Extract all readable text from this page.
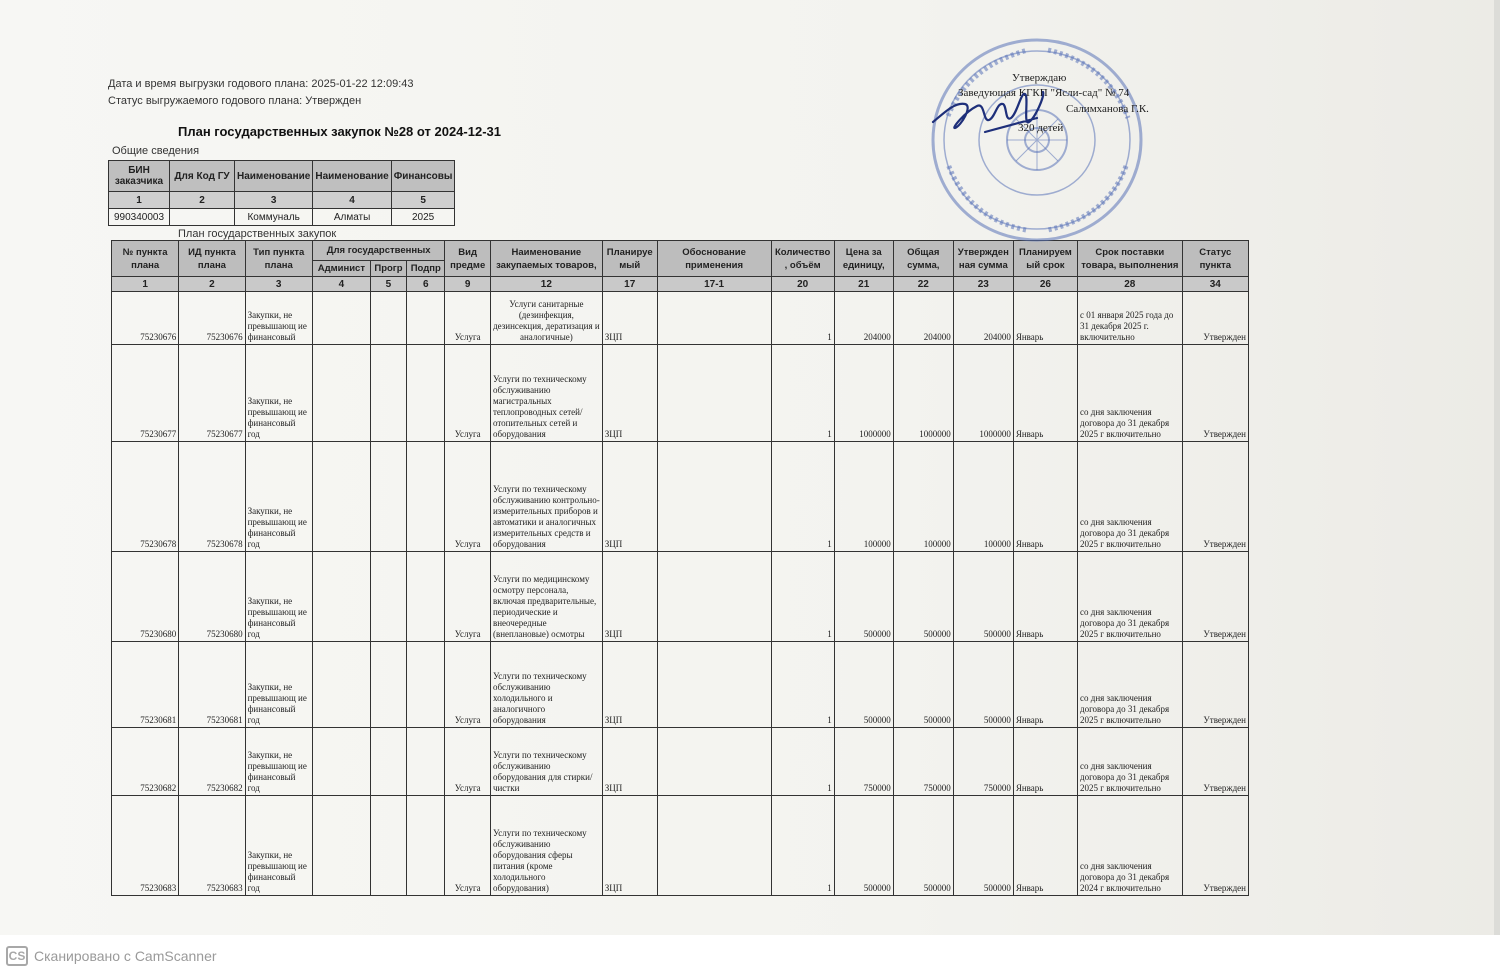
Дата и время выгрузки годового плана: 2025-01-22 12:09:43
Статус выгружаемого годового плана: Утвержден
План государственных закупок №28 от 2024-12-31
Общие сведения
БИН заказчика	Для Код ГУ	Наименование	Наименование	Финансовы
1	2	3	4	5
990340003		Коммуналь	Алматы	2025
План государственных закупок
№ пункта плана	ИД пункта плана	Тип пункта плана	Для государственных			Вид предме	Наименование закупаемых товаров,	Планируе мый	Обоснование применения	Количество , объём	Цена за единицу,	Общая сумма,	Утвержден ная сумма	Планируем ый срок	Срок поставки товара, выполнения	Статус пункта
			Админист	Прогр	Подпр											
1	2	3	4	5	6	9	12	17	17-1	20	21	22	23	26	28	34
75230676	75230676	Закупки, не превышающ ие финансовый				Услуга	Услуги санитарные (дезинфекция, дезинсекция, дератизация и аналогичные)	ЗЦП		1	204000	204000	204000	Январь	с 01 января 2025 года до 31 декабря 2025 г. включительно	Утвержден
75230677	75230677	Закупки, не превышающ ие финансовый год				Услуга	Услуги по техническому обслуживанию магистральных теплопроводных сетей/отопительных сетей и оборудования	ЗЦП		1	1000000	1000000	1000000	Январь	со дня заключения договора до 31 декабря 2025 г включительно	Утвержден
75230678	75230678	Закупки, не превышающ ие финансовый год				Услуга	Услуги по техническому обслуживанию контрольно-измерительных приборов и автоматики и аналогичных измерительных средств и оборудования	ЗЦП		1	100000	100000	100000	Январь	со дня заключения договора до 31 декабря 2025 г включительно	Утвержден
75230680	75230680	Закупки, не превышающ ие финансовый год				Услуга	Услуги по медицинскому осмотру персонала, включая предварительные, периодические и внеочередные (внеплановые) осмотры	ЗЦП		1	500000	500000	500000	Январь	со дня заключения договора до 31 декабря 2025 г включительно	Утвержден
75230681	75230681	Закупки, не превышающ ие финансовый год				Услуга	Услуги по техническому обслуживанию холодильного и аналогичного оборудования	ЗЦП		1	500000	500000	500000	Январь	со дня заключения договора до 31 декабря 2025 г включительно	Утвержден
75230682	75230682	Закупки, не превышающ ие финансовый год				Услуга	Услуги по техническому обслуживанию оборудования для стирки/чистки	ЗЦП		1	750000	750000	750000	Январь	со дня заключения договора до 31 декабря 2025 г включительно	Утвержден
75230683	75230683	Закупки, не превышающ ие финансовый год				Услуга	Услуги по техническому обслуживанию оборудования сферы питания (кроме холодильного оборудования)	ЗЦП		1	500000	500000	500000	Январь	со дня заключения договора до 31 декабря 2024 г включительно	Утвержден
Утверждаю
Заведующая КГКП "Ясли-сад" № 74
Салимханова Г.К.
320 детей
CS Сканировано с CamScanner
